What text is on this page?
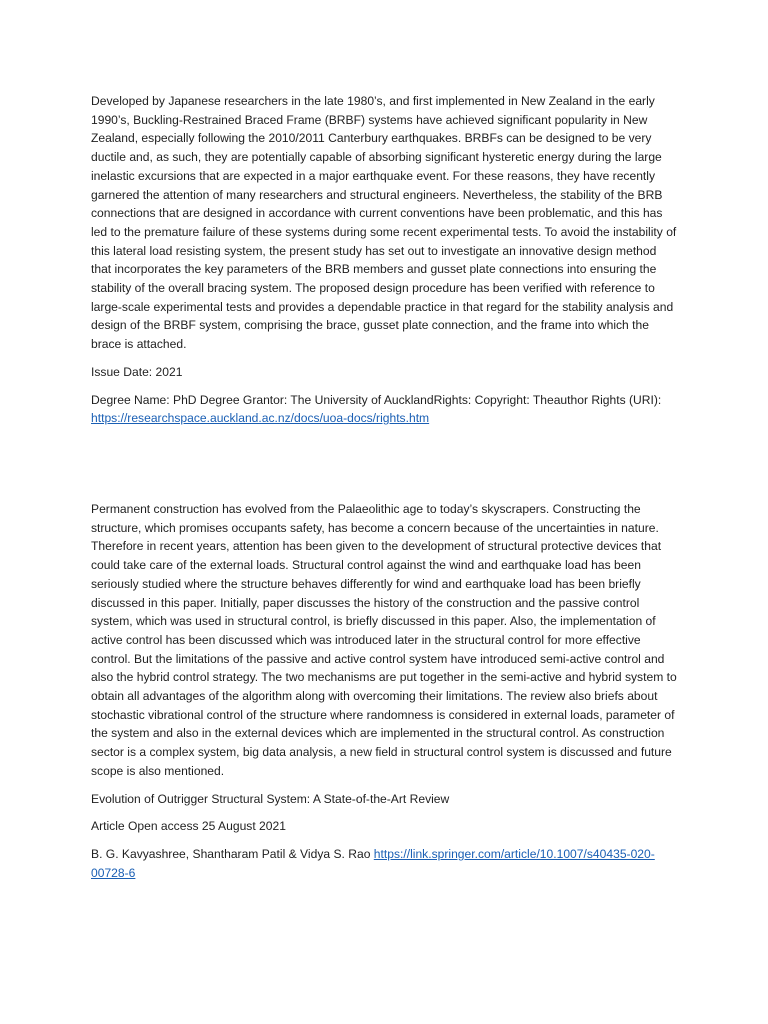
Developed by Japanese researchers in the late 1980’s, and first implemented in New Zealand in the early 1990’s, Buckling-Restrained Braced Frame (BRBF) systems have achieved significant popularity in New Zealand, especially following the 2010/2011 Canterbury earthquakes. BRBFs can be designed to be very ductile and, as such, they are potentially capable of absorbing significant hysteretic energy during the large inelastic excursions that are expected in a major earthquake event. For these reasons, they have recently garnered the attention of many researchers and structural engineers. Nevertheless, the stability of the BRB connections that are designed in accordance with current conventions have been problematic, and this has led to the premature failure of these systems during some recent experimental tests. To avoid the instability of this lateral load resisting system, the present study has set out to investigate an innovative design method that incorporates the key parameters of the BRB members and gusset plate connections into ensuring the stability of the overall bracing system. The proposed design procedure has been verified with reference to large-scale experimental tests and provides a dependable practice in that regard for the stability analysis and design of the BRBF system, comprising the brace, gusset plate connection, and the frame into which the brace is attached.

Issue Date: 2021

Degree Name: PhD Degree Grantor: The University of AucklandRights: Copyright: Theauthor Rights (URI): https://researchspace.auckland.ac.nz/docs/uoa-docs/rights.htm

Permanent construction has evolved from the Palaeolithic age to today’s skyscrapers. Constructing the structure, which promises occupants safety, has become a concern because of the uncertainties in nature. Therefore in recent years, attention has been given to the development of structural protective devices that could take care of the external loads. Structural control against the wind and earthquake load has been seriously studied where the structure behaves differently for wind and earthquake load has been briefly discussed in this paper. Initially, paper discusses the history of the construction and the passive control system, which was used in structural control, is briefly discussed in this paper. Also, the implementation of active control has been discussed which was introduced later in the structural control for more effective control. But the limitations of the passive and active control system have introduced semi-active control and also the hybrid control strategy. The two mechanisms are put together in the semi-active and hybrid system to obtain all advantages of the algorithm along with overcoming their limitations. The review also briefs about stochastic vibrational control of the structure where randomness is considered in external loads, parameter of the system and also in the external devices which are implemented in the structural control. As construction sector is a complex system, big data analysis, a new field in structural control system is discussed and future scope is also mentioned.

Evolution of Outrigger Structural System: A State-of-the-Art Review

Article Open access 25 August 2021

B. G. Kavyashree, Shantharam Patil & Vidya S. Rao https://link.springer.com/article/10.1007/s40435-020-00728-6
